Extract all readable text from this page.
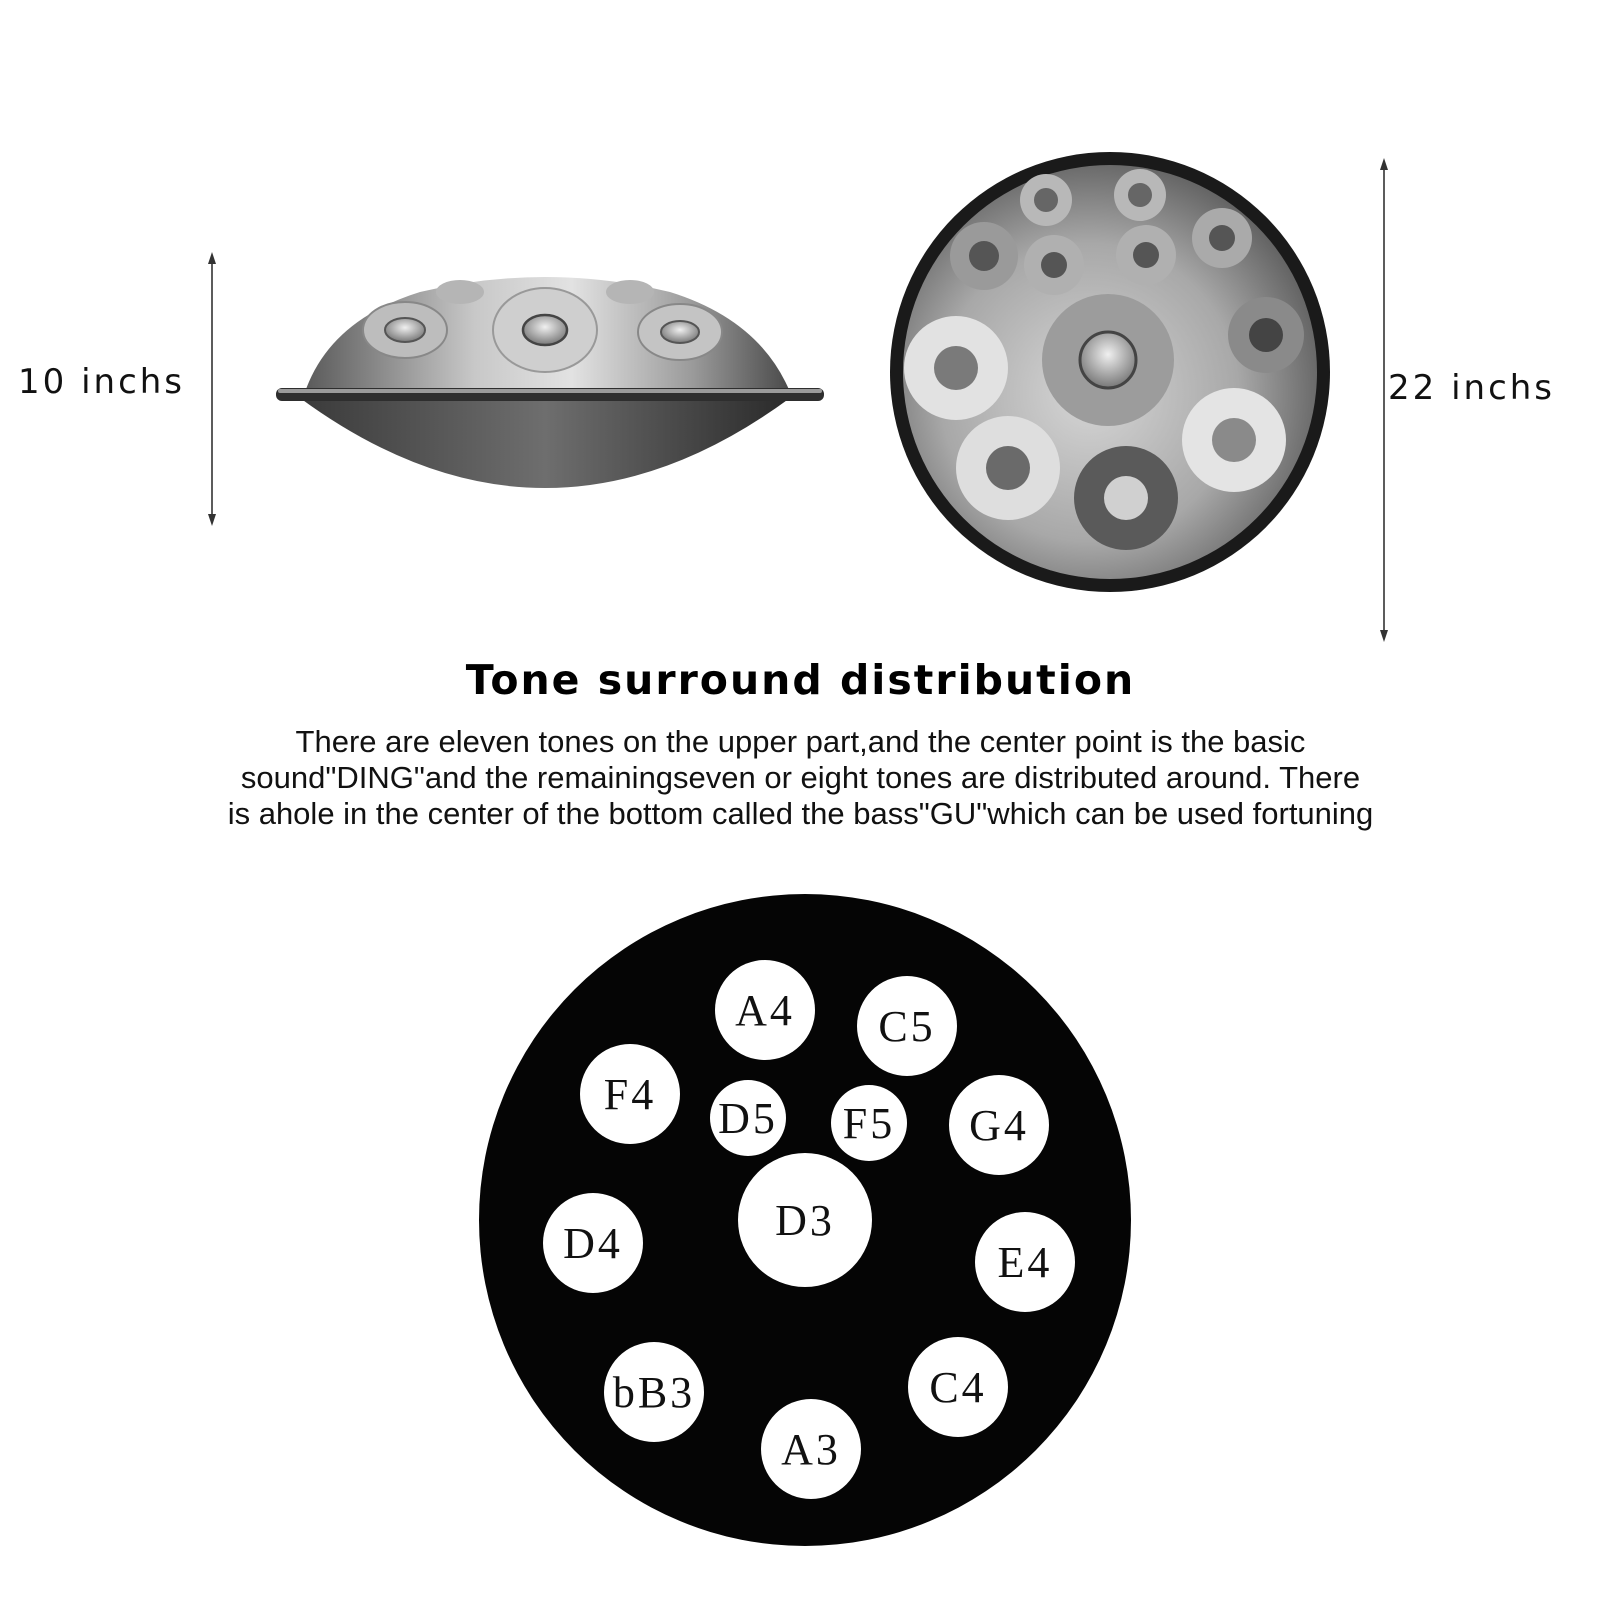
10 inchs	22 inchs
A4 C5
F4 D5 F5 G4
D3
D4	E4
bB3	C4
A3
Tone surround distribution
There are eleven tones on the upper part,and the center point is the basic
sound"DING"and the remainingseven or eight tones are distributed around. There
is ahole in the center of the bottom called the bass"GU"which can be used fortuning
